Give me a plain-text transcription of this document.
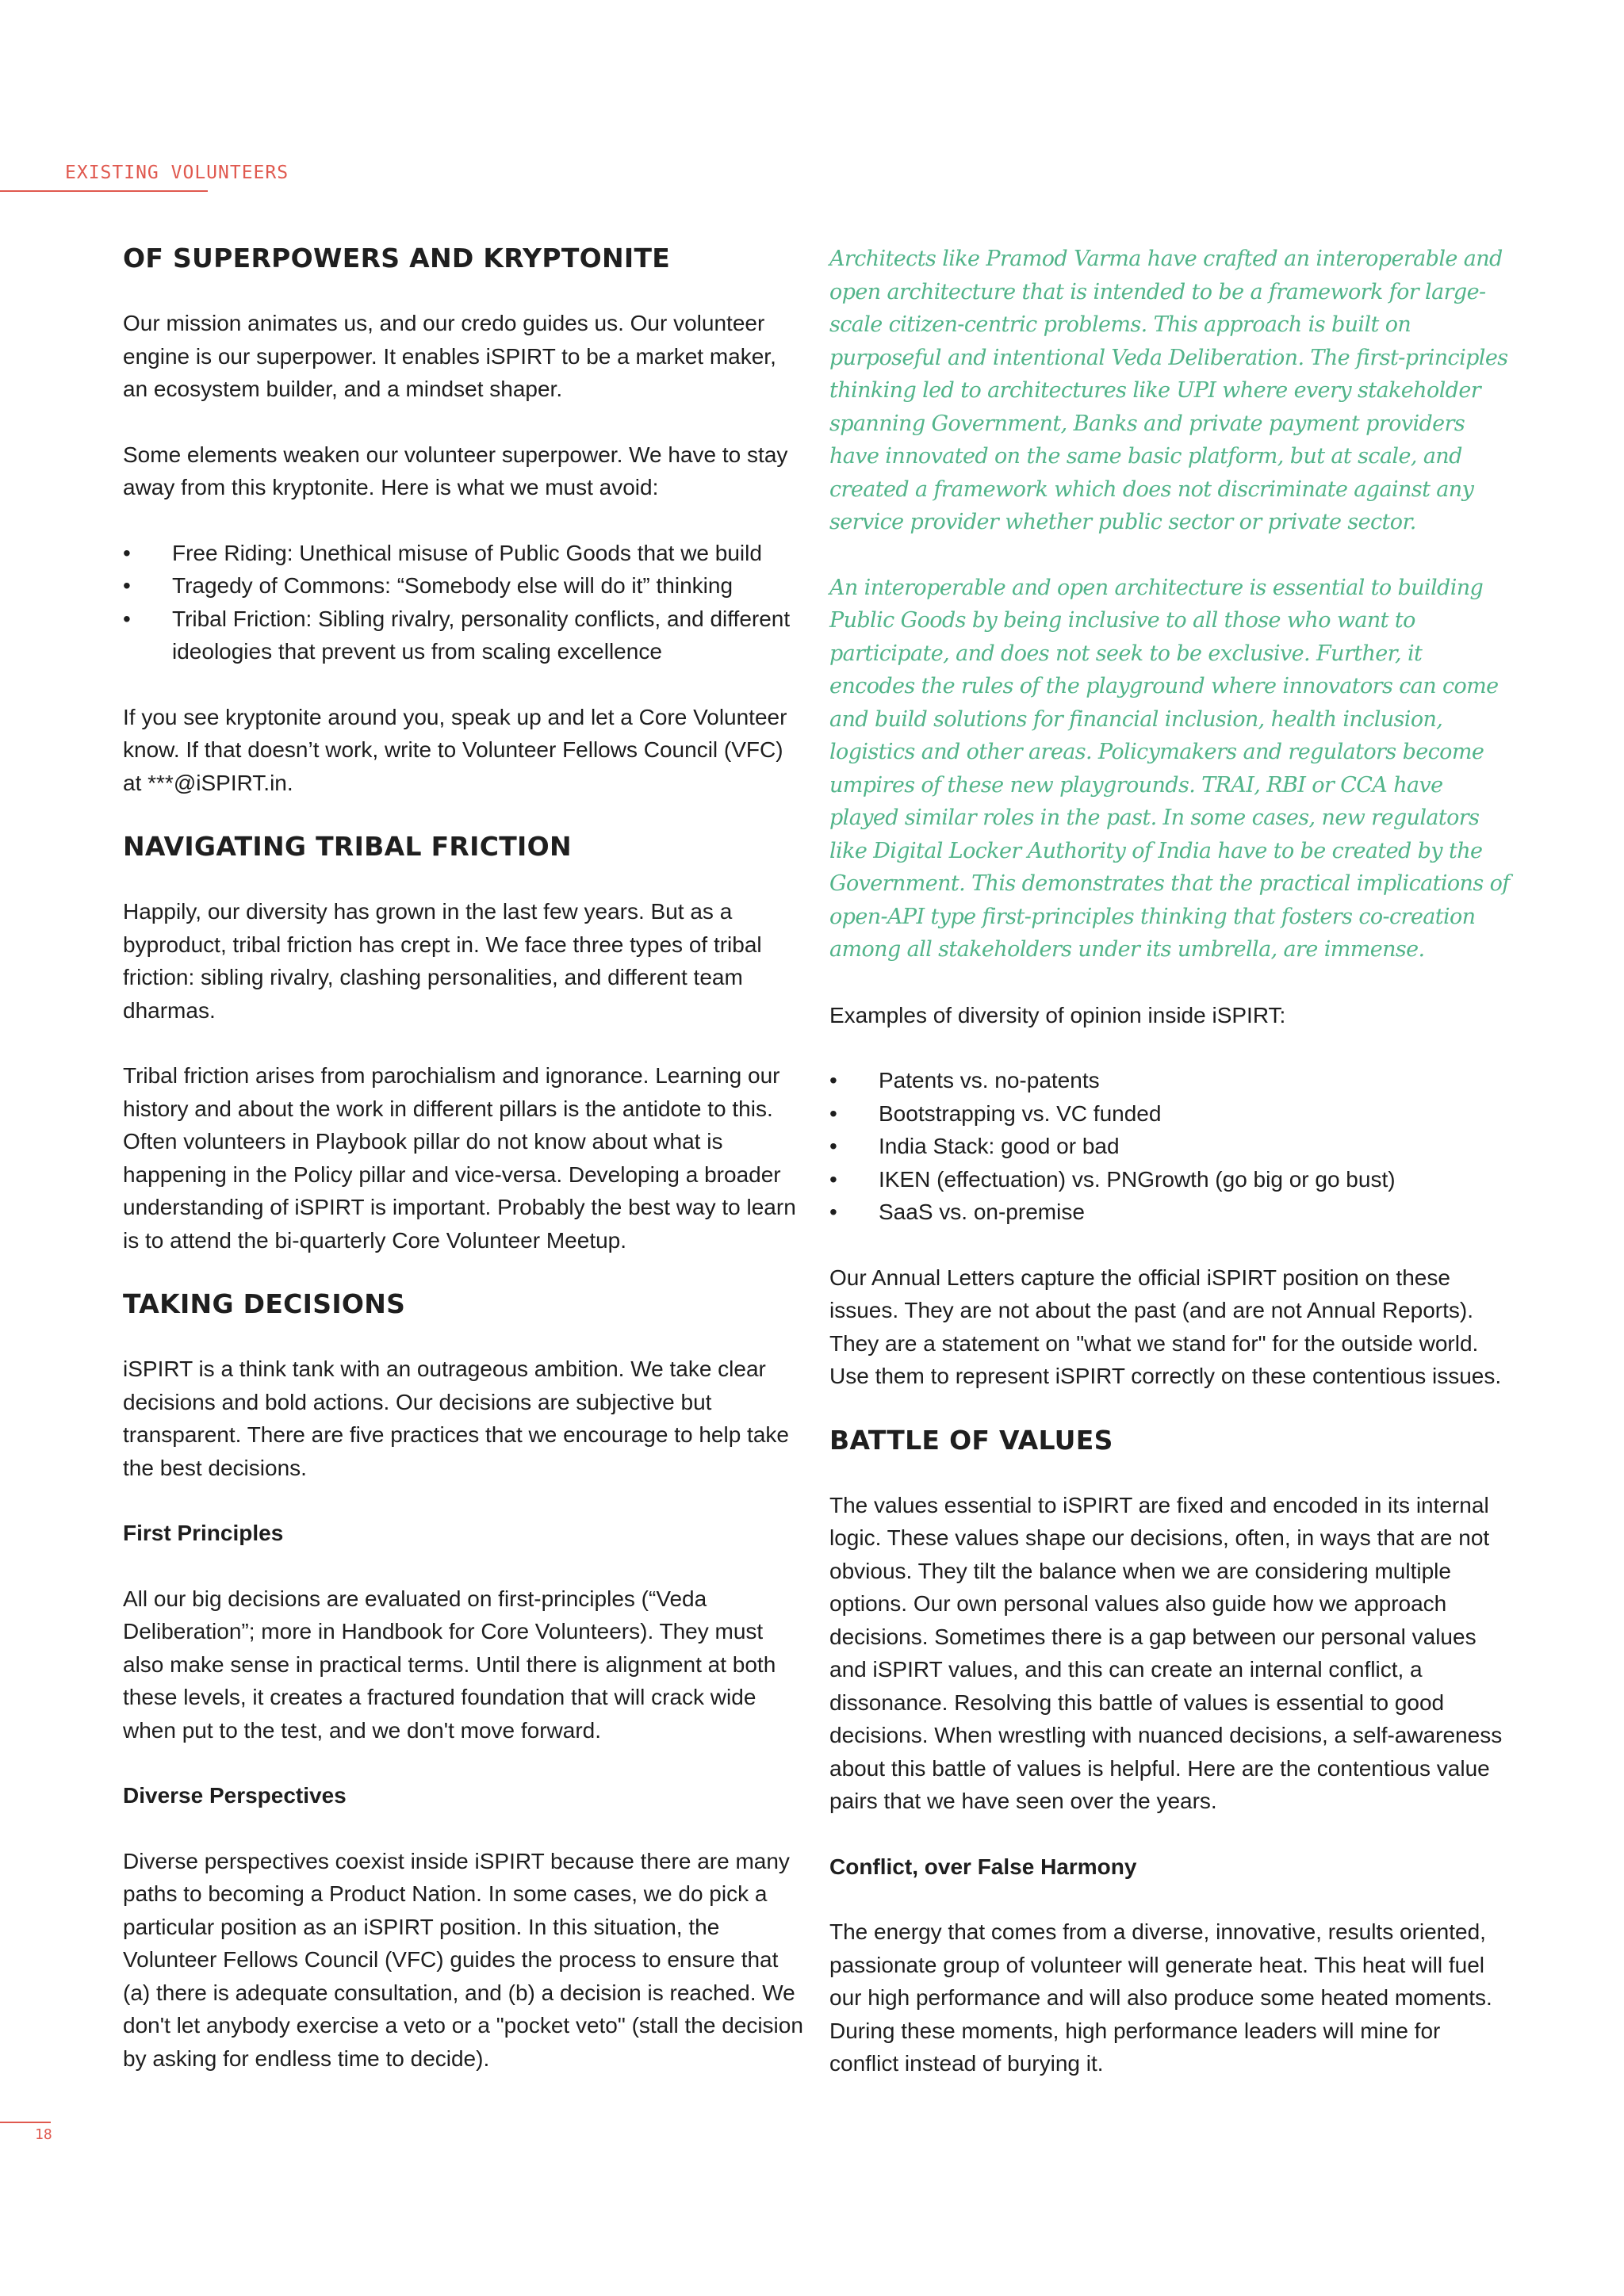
EXISTING VOLUNTEERS
OF SUPERPOWERS AND KRYPTONITE

Our mission animates us, and our credo guides us. Our volunteer engine is our superpower. It enables iSPIRT to be a market maker, an ecosystem builder, and a mindset shaper.

Some elements weaken our volunteer superpower. We have to stay away from this kryptonite. Here is what we must avoid:

• Free Riding: Unethical misuse of Public Goods that we build
• Tragedy of Commons: “Somebody else will do it” thinking
• Tribal Friction: Sibling rivalry, personality conflicts, and different ideologies that prevent us from scaling excellence

If you see kryptonite around you, speak up and let a Core Volunteer know. If that doesn’t work, write to Volunteer Fellows Council (VFC) at ***@iSPIRT.in.

NAVIGATING TRIBAL FRICTION

Happily, our diversity has grown in the last few years. But as a byproduct, tribal friction has crept in. We face three types of tribal friction: sibling rivalry, clashing personalities, and different team dharmas.

Tribal friction arises from parochialism and ignorance. Learning our history and about the work in different pillars is the antidote to this. Often volunteers in Playbook pillar do not know about what is happening in the Policy pillar and vice-versa. Developing a broader understanding of iSPIRT is important. Probably the best way to learn is to attend the bi-quarterly Core Volunteer Meetup.

TAKING DECISIONS

iSPIRT is a think tank with an outrageous ambition. We take clear decisions and bold actions. Our decisions are subjective but transparent. There are five practices that we encourage to help take the best decisions.

First Principles

All our big decisions are evaluated on first-principles (“Veda Deliberation”; more in Handbook for Core Volunteers). They must also make sense in practical terms. Until there is alignment at both these levels, it creates a fractured foundation that will crack wide when put to the test, and we don't move forward.

Diverse Perspectives

Diverse perspectives coexist inside iSPIRT because there are many paths to becoming a Product Nation. In some cases, we do pick a particular position as an iSPIRT position. In this situation, the Volunteer Fellows Council (VFC) guides the process to ensure that (a) there is adequate consultation, and (b) a decision is reached. We don't let anybody exercise a veto or a "pocket veto" (stall the decision by asking for endless time to decide).

Architects like Pramod Varma have crafted an interoperable and open architecture that is intended to be a framework for large-scale citizen-centric problems. This approach is built on purposeful and intentional Veda Deliberation. The first-principles thinking led to architectures like UPI where every stakeholder spanning Government, Banks and private payment providers have innovated on the same basic platform, but at scale, and created a framework which does not discriminate against any service provider whether public sector or private sector.

An interoperable and open architecture is essential to building Public Goods by being inclusive to all those who want to participate, and does not seek to be exclusive. Further, it encodes the rules of the playground where innovators can come and build solutions for financial inclusion, health inclusion, logistics and other areas. Policymakers and regulators become umpires of these new playgrounds. TRAI, RBI or CCA have played similar roles in the past. In some cases, new regulators like Digital Locker Authority of India have to be created by the Government. This demonstrates that the practical implications of open-API type first-principles thinking that fosters co-creation among all stakeholders under its umbrella, are immense.

Examples of diversity of opinion inside iSPIRT:

• Patents vs. no-patents
• Bootstrapping vs. VC funded
• India Stack: good or bad
• IKEN (effectuation) vs. PNGrowth (go big or go bust)
• SaaS vs. on-premise

Our Annual Letters capture the official iSPIRT position on these issues. They are not about the past (and are not Annual Reports). They are a statement on "what we stand for" for the outside world. Use them to represent iSPIRT correctly on these contentious issues.

BATTLE OF VALUES

The values essential to iSPIRT are fixed and encoded in its internal logic. These values shape our decisions, often, in ways that are not obvious. They tilt the balance when we are considering multiple options. Our own personal values also guide how we approach decisions. Sometimes there is a gap between our personal values and iSPIRT values, and this can create an internal conflict, a dissonance. Resolving this battle of values is essential to good decisions. When wrestling with nuanced decisions, a self-awareness about this battle of values is helpful. Here are the contentious value pairs that we have seen over the years.

Conflict, over False Harmony

The energy that comes from a diverse, innovative, results oriented, passionate group of volunteer will generate heat. This heat will fuel our high performance and will also produce some heated moments. During these moments, high performance leaders will mine for conflict instead of burying it.

18
